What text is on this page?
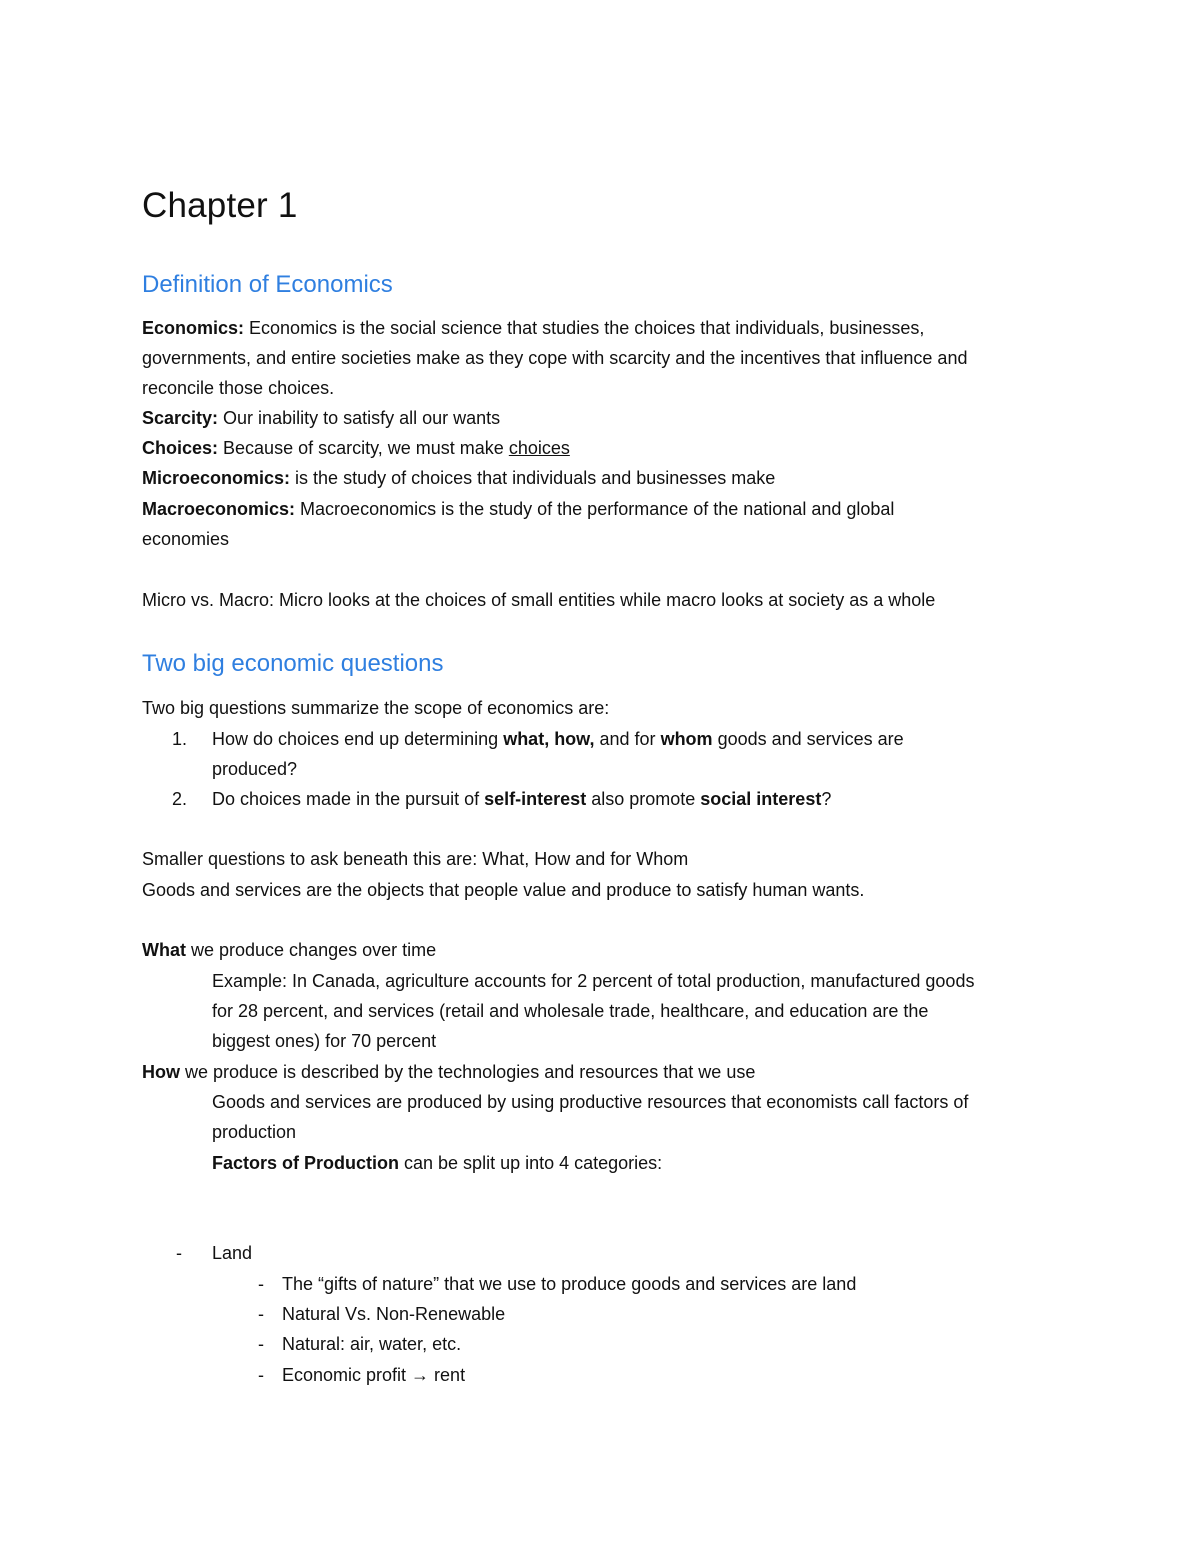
Chapter 1
Definition of Economics
Economics: Economics is the social science that studies the choices that individuals, businesses,
governments, and entire societies make as they cope with scarcity and the incentives that influence and
reconcile those choices.
Scarcity: Our inability to satisfy all our wants
Choices: Because of scarcity, we must make choices
Microeconomics: is the study of choices that individuals and businesses make
Macroeconomics: Macroeconomics is the study of the performance of the national and global
economies
Micro vs. Macro: Micro looks at the choices of small entities while macro looks at society as a whole
Two big economic questions
Two big questions summarize the scope of economics are:
1. How do choices end up determining what, how, and for whom goods and services are
produced?
2. Do choices made in the pursuit of self-interest also promote social interest?
Smaller questions to ask beneath this are: What, How and for Whom
Goods and services are the objects that people value and produce to satisfy human wants.
What we produce changes over time
Example: In Canada, agriculture accounts for 2 percent of total production, manufactured goods
for 28 percent, and services (retail and wholesale trade, healthcare, and education are the
biggest ones) for 70 percent
How we produce is described by the technologies and resources that we use
Goods and services are produced by using productive resources that economists call factors of
production
Factors of Production can be split up into 4 categories:
- Land
- The “gifts of nature” that we use to produce goods and services are land
- Natural Vs. Non-Renewable
- Natural: air, water, etc.
- Economic profit → rent
